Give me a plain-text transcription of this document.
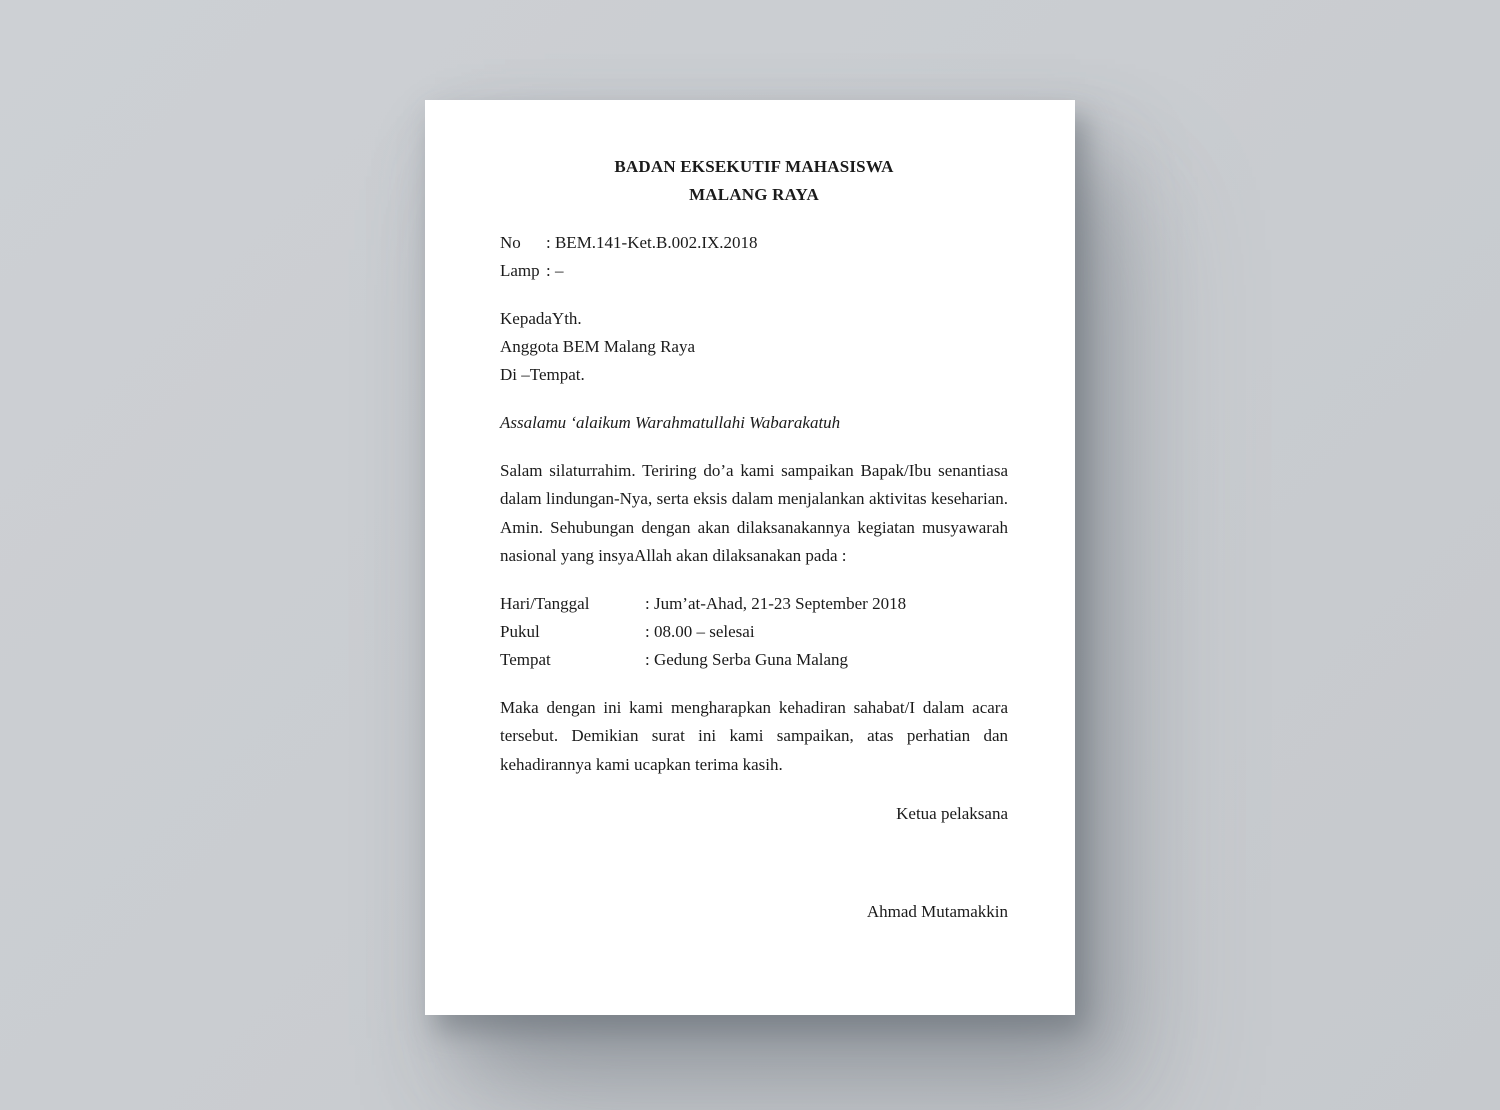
BADAN EKSEKUTIF MAHASISWA
MALANG RAYA
No	: BEM.141-Ket.B.002.IX.2018
Lamp : –
KepadaYth.
Anggota BEM Malang Raya
Di –Tempat.
Assalamu ‘alaikum Warahmatullahi Wabarakatuh

Salam silaturrahim. Teriring do’a kami sampaikan Bapak/Ibu senantiasa dalam lindungan-Nya, serta eksis dalam menjalankan aktivitas keseharian. Amin. Sehubungan dengan akan dilaksanakannya kegiatan musyawarah nasional yang insyaAllah akan dilaksanakan pada :

Hari/Tanggal	: Jum’at-Ahad, 21-23 September 2018
Pukul	: 08.00 – selesai
Tempat	: Gedung Serba Guna Malang

Maka dengan ini kami mengharapkan kehadiran sahabat/I dalam acara tersebut. Demikian surat ini kami sampaikan, atas perhatian dan kehadirannya kami ucapkan terima kasih.

Ketua pelaksana
Ahmad Mutamakkin
